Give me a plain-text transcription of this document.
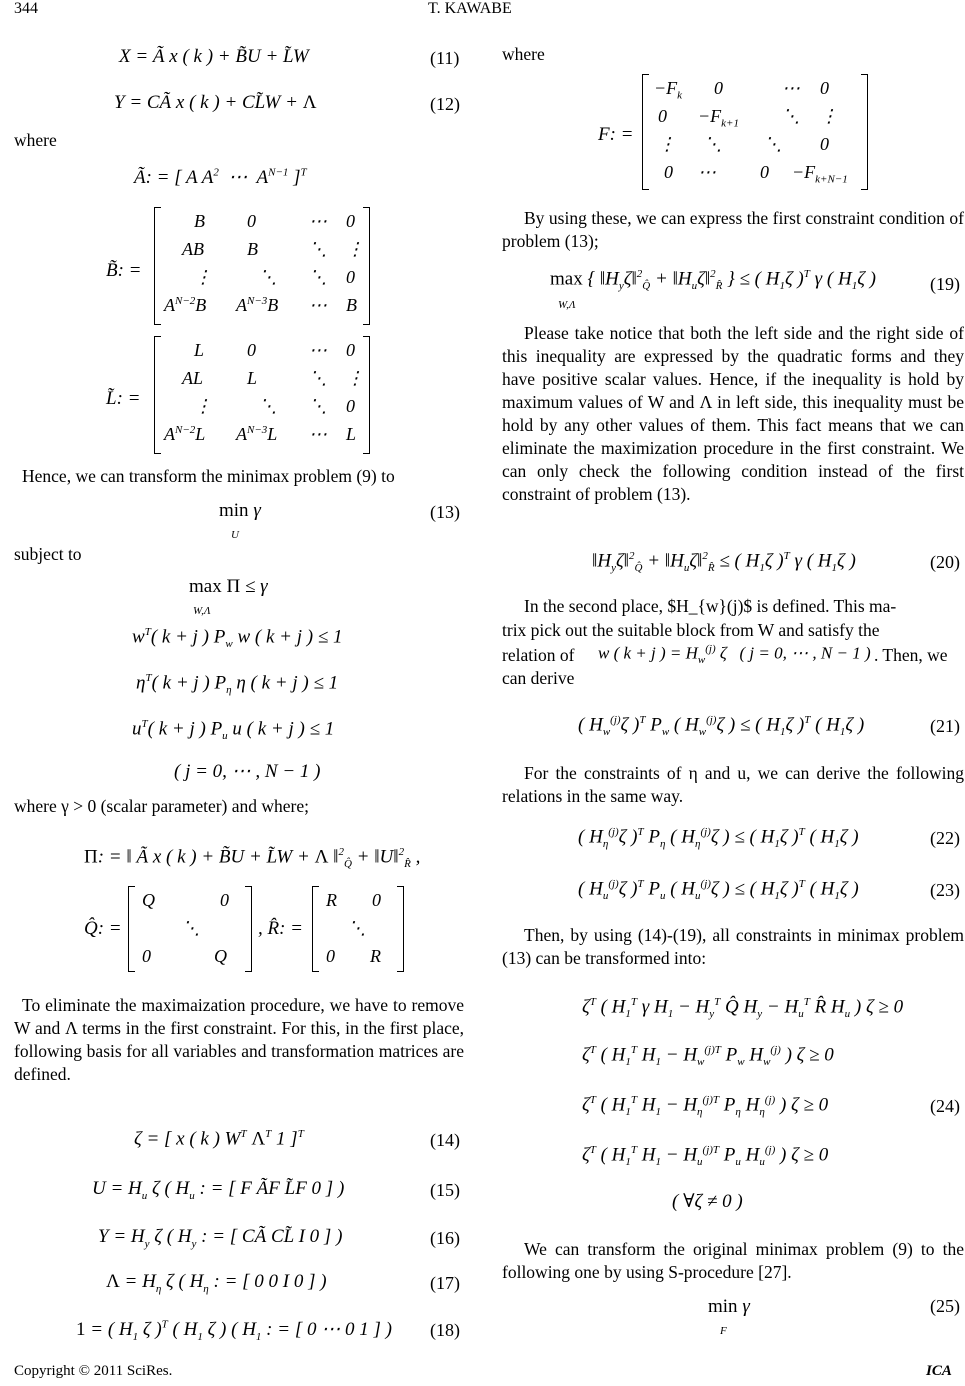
344	T. KAWABE
X = Ã x ( k ) + B̃U + L̃W	(11)
Y = CÃ x ( k ) + CL̃W + Λ	(12)
where
Ã: = [ A $A^2$  ⋯  $A^{N-1}$ ]$^T$
B̃: =
B 0	⋯ 0
AB B	⋱ ⋮
⋮	⋱ ⋱ 0
$A^{N-2}B$ $A^{N-3}B$ ⋯ B
L̃: =
L 0	⋯ 0
AL L	⋱ ⋮
⋮	⋱ ⋱ 0
$A^{N-2}L$ $A^{N-3}L$ ⋯ L
Hence, we can transform the minimax problem (9) to
min γ
U
(13)
subject to
max Π ≤ γ
W,Λ
$w^T$( k + j ) $P_w$ w ( k + j ) ≤ 1
$\eta^T$( k + j ) $P_\eta$ η ( k + j ) ≤ 1
$u^T$( k + j ) $P_u$ u ( k + j ) ≤ 1
( j = 0, ⋯ , N − 1 )
where γ > 0 (scalar parameter) and where;
Π: = ‖ Ã x ( k ) + B̃U + L̃W + Λ ‖$^2_{Q̂}$ + ‖U‖$^2_{R̂}$ ,
Q̂: =
Q	0
⋱
0	Q
, R̂: =
R 0
⋱
0 R
To eliminate the maximaization procedure, we have to remove W and Λ terms in the first constraint. For this, in the first place, following basis for all variables and transformation matrices are defined.
ζ = [ x ( k ) $W^T$ $\Lambda^T$ 1 ]$^T$	(14)
$U = H_u$ ζ ( $H_u$ : = [ F ÃF L̃F 0 ] )	(15)
$Y = H_y$ ζ ( $H_y$ : = [ CÃ CL̃ I 0 ] )	(16)
$\Lambda = H_\eta$ ζ ( $H_\eta$ : = [ 0 0 I 0 ] )	(17)
1 = ( $H_1$ ζ )$^T$ ( $H_1$ ζ ) ( $H_1$ : = [ 0 ⋯ 0 1 ] ) (18)
where
F: =
$-F_k$ 0	⋯ 0
$0 -F_{k+1}$ ⋱ ⋮
⋮ ⋱ ⋱ 0
0 ⋯ $0 -F_{k+N-1}$
By using these, we can express the first constraint condition of problem (13);
max { $‖H_y\zeta‖^2_{Q̂}$ + $‖H_u\zeta‖^2_{R̂}$ } ≤ ( $H_1\zeta$ )$^T$ γ ( $H_1\zeta$ )
W,Λ
(19)
Please take notice that both the left side and the right side of this inequality are expressed by the quadratic forms and they have positive scalar values. Hence, if the inequality is hold by maximum values of W and Λ in left side, this inequality must be hold by any other values of them. This fact means that we can eliminate the maximization procedure in the first constraint. We can only check the following condition instead of the first constraint of problem (13).
$‖H_y\zeta‖^2_{Q̂}$ + $‖H_u\zeta‖^2_{R̂}$ ≤ ( $H_1\zeta$ )$^T$ γ ( $H_1\zeta$ )	(20)
In the second place, $H_{w}(j)$ is defined. This ma-
trix pick out the suitable block from W and satisfy the
relation of w ( k + j ) = $H_w^{(j)}$ ζ   ( j = 0, ⋯ , N − 1 ) . Then, we
can derive
( $H_w^{(j)}\zeta$ )$^T$ $P_w$ ( $H_w^{(j)}\zeta$ ) ≤ ( $H_1\zeta$ )$^T$ ( $H_1\zeta$ )	(21)
For the constraints of η and u, we can derive the following relations in the same way.
( $H_\eta^{(j)}\zeta$ )$^T$ $P_\eta$ ( $H_\eta^{(j)}\zeta$ ) ≤ ( $H_1\zeta$ )$^T$ ( $H_1\zeta$ )	(22)
( $H_u^{(j)}\zeta$ )$^T$ $P_u$ ( $H_u^{(j)}\zeta$ ) ≤ ( $H_1\zeta$ )$^T$ ( $H_1\zeta$ )	(23)
Then, by using (14)-(19), all constraints in minimax problem (13) can be transformed into:
$\zeta^T$ ( $H_1^T$ γ $H_1 - H_y^T$ Q̂ $H_y - H_u^T$ R̂ $H_u$ ) ζ ≥ 0
$\zeta^T$ ( $H_1^T$ $H_1 - H_w^{(j)T}$ $P_w$ $H_w^{(j)}$ ) ζ ≥ 0
$\zeta^T$ ( $H_1^T$ $H_1 - H_\eta^{(j)T}$ $P_\eta$ $H_\eta^{(j)}$ ) ζ ≥ 0	(24)
$\zeta^T$ ( $H_1^T$ $H_1 - H_u^{(j)T}$ $P_u$ $H_u^{(j)}$ ) ζ ≥ 0
( ∀ζ ≠ 0 )
We can transform the original minimax problem (9) to the following one by using S-procedure [27].
min γ
F
(25)
Copyright © 2011 SciRes.	ICA
